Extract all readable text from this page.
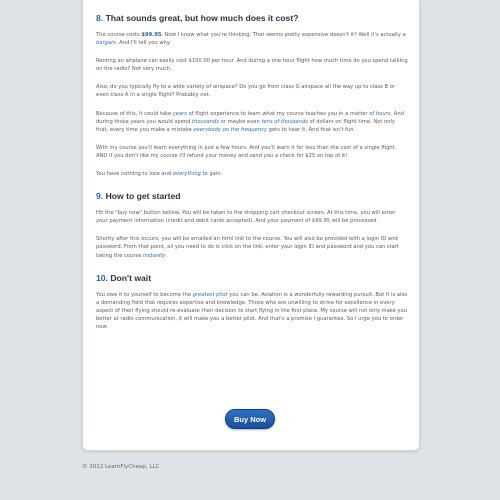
8. That sounds great, but how much does it cost?

The course costs $99.95. Now I know what you're thinking. That seems pretty expensive doesn't it? Well it's actually a bargain. And I'll tell you why.

Renting an airplane can easily cost $100.00 per hour. And during a one hour flight how much time do you spend talking on the radio? Not very much.

Also, do you typically fly to a wide variety of airspace? Do you go from class G airspace all the way up to class B or even class A in a single flight? Probably not.

Because of this, it could take years of flight experience to learn what my course teaches you in a matter of hours. And during those years you would spend thousands or maybe even tens of thousands of dollars on flight time. Not only that, every time you make a mistake everybody on the frequency gets to hear it. And that isn't fun.

With my course you'll learn everything in just a few hours. And you'll learn it for less than the cost of a single flight. AND if you don't like my course I'll refund your money and send you a check for $25 on top of it!

You have nothing to lose and everything to gain.

9. How to get started

Hit the "buy now" button bellow. You will be taken to the shopping cart checkout screen. At this time, you will enter your payment information (credit and debit cards accepted). And your payment of $99.95 will be processed.

Shortly after this occurs, you will be emailed an html link to the course. You will also be provided with a login ID and password. From that point, all you need to do is click on the link, enter your login ID and password and you can start taking the course instantly.

10. Don't wait

You owe it to yourself to become the greatest pilot you can be. Aviation is a wonderfully rewarding pursuit. But it is also a demanding field that requires expertise and knowledge. Those who are unwilling to strive for excellence in every aspect of their flying should re-evaluate their decision to start flying in the first place. My course will not only make you better at radio communication, it will make you a better pilot. And that's a promise I guarantee. So I urge you to order now.

Buy Now
© 2012 LearnFlyCheap, LLC
